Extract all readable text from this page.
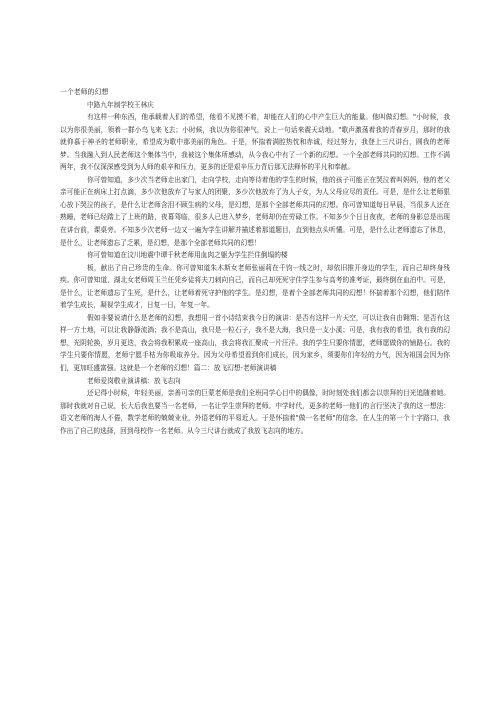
一个老师的幻想

中路九年制学校王林庆

有这样一种东西，他承载着人们的希望，他看不见摸不着，却能在人们的心中产生巨大的能量。他叫做幻想。"小时候，我以为你很美丽，领着一群小鸟飞来飞去；小时候，我以为你很神气，说上一句话来震天动地。"歌声激荡着我的青春岁月，那时的我就仰慕于神圣的老师职业，希望成为歌中那美丽的角色。于是，怀揣着满腔热忱和赤诚，经过努力，我登上三尺讲台，圆我的老师梦。当我融入到人民老师这个集体当中，我被这个集体所感动，从今我心中有了一个新的幻想。一个全部老师共同的幻想。工作不满两年，我不仅深深感受到为人师的艰辛和压力，更多的还是艰辛压力背后那无法释怀的平凡和奉献。

你可曾知道，多少次当老师走出家门，走向学校，走向等待着他的学生的时候，他的孩子可能正在哭泣着叫妈妈，他的老父亲可能正在病床上打点滴，多少次他放弃了与家人的团聚，多少次他放弃了为人子女，为人父母应尽的责任。可是，是什么让老师狠心放下哭泣的孩子，是什么让老师含泪不顾生病的父母，是幻想，是那个全部老师共同的幻想。你可曾知道每日早晨，当很多人还在熟睡，老师已经踏上了上班的路，夜幕驾临，很多人已进入梦乡，老师却仍在劳碌工作。不知多少个日日夜夜，老师的身影总是出现在讲台前，课桌旁。不知多少次老师一边又一遍为学生讲解并描述着那道题目，直到他点头听懂。可是，是什么让老师遗忘了休息，是什么，让老师遗忘了乏累，是幻想，是那个全部老师共同的幻想！

你可曾知道在汶川地震中谭千秋老师用血肉之躯为学生拦住倒塌的楼

板，献出了自己珍贵的生命。你可曾知道朱木斯女老师张丽莉在千钧一线之时，却依旧推开身边的学生，而自己却终身残疾。你可曾知道，湖北女老师周玉兰任凭乡徒将夫刀刺向自己，而自己却死死守住学生参与高考的准考证，最终倒在血泊中。可是，是什么，让老师遗忘了生死，是什么，让老师着死守护他的学生。是幻想，是着个全部老师共同的幻想！怀揣着那个幻想，他们陪伴着学生成长，凝视学生成才，日复一日，年复一年。

假如非要说请什么是老师的幻想，我想用一首小诗结束我今日的演讲：是否有这样一片天空，可以让我自由翱翔；是否有这样一方土地，可以让我静静流淌；我不是高山，我只是一粒石子，我不是大海，我只是一支小溪；可是，我有我的希望，我有我的幻想，光阴轮换，岁月更迭，我会将我积累成一座高山，我会将我汇聚成一片汪洋。我的学生只要你情愿，老师愿做你的铺路石。我的学生只要你情愿，老师宁愿手枯为你吸取养分。因为父母希望看到你们成长，因为家乡，须要你们年轻的力气，因为祖国会因为你们，更加旺盛富强。这就是一个老师的幻想！篇二：放飞幻想-老师演讲稿

老师爱岗敬业演讲稿：放飞志向

还记得小时候，年轻美丽，亲善可亲的巨蒙老师是我们全班同学心目中的偶像，时时刻处我们都会以崇拜的目光追随着她。那时我就对自己说，长大后我也要当一名老师，一名让学生崇拜的老师。中学时代，更多的老师一他们的言行坚决了我的这一想法：语文老师的海人不倦，数学老师的兢兢业业，外语老师的平易近人。于是怀揣着"做一名老师"的信念，在人生的第一个十字路口，我作出了自己的选择，回到母校作一名老师。从今三尺讲台就成了我放飞志向的地方。
